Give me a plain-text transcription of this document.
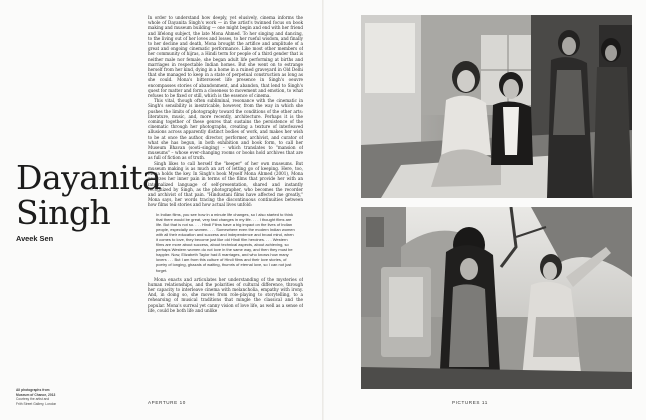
Dayanita Singh
Aveek Sen
All photographs from
Museum of Chance, 2013
Courtesy the artist and
Frith Street Gallery, London

In order to understand how deeply, yet elusively, cinema informs the whole of Dayanita Singh's work — in the artist's twinned focus on book making and museum building — one might begin and end with her friend and lifelong subject, the late Mona Ahmed. To her singing and dancing, to the living out of her loves and losses, to her rueful wisdom, and finally to her decline and death, Mona brought the artifice and amplitude of a great and ongoing cinematic performance. Like most other members of her community of hijras, a Hindi term for people of a third gender that is neither male nor female, she began adult life performing at births and marriages in respectable Indian homes. But she went on to estrange herself from her kind, dying in a home in a ruined graveyard in Old Delhi that she managed to keep in a state of perpetual construction as long as she could. Mona's bittersweet life presence in Singh's oeuvre encompasses stories of abandonment, and abandon, that lend to Singh's quest for matter and form a closeness to movement and emotion, to what refuses to be fixed or still, which is the essence of cinema.

This vital, though often subliminal, resonance with the cinematic in Singh's sensibility is inextricable, however, from the way in which she pushes the limits of photography toward the conditions of the other arts: literature, music, and, more recently, architecture. Perhaps it is the coming together of these genres that sustains the persistence of the cinematic through her photographs, creating a texture of interleaved allusions across apparently distinct bodies of work, and makes her wish to be at once the author, director, performer, archivist, and curator of what she has begun, in both exhibition and book form, to call her Museum Bhavan (sooti–singing) – which translates to "mansion of museums" – whose ever-changing rooms or books hold archives that are as full of fiction as of truth.

Singh likes to call herself the "keeper" of her own museums. But museum making is as much an art of letting go of keeping. Here, too, Mona holds the key. In Singh's book Myself Mona Ahmed (2001), Mona analyzes her inner pain in terms of the films that provide her with an internalized language of self-presentation, shared and instantly recognized by Singh, as the photographer, who becomes the recorder and archivist of that pain. "Hindustani films have affected me greatly," Mona says, her words tracing the discontinuous continuities between how films tell stories and how actual lives unfold:

In Indian films, you see how in a minute life changes, so I also started to think that there would be great, very fast changes in my life. . . . I thought films are life. But that is not so. . . . Hindi Films have a big impact on the lives of Indian people, especially on women. . . . Somewhere even the modern Indian women with all their education and success and independence and broad mind, when it comes to love, they become just like old Hindi film heroines. . . . Western films are more about success, about technical aspects, about achieving, so perhaps Western women do not love in the same way, and then they must be happier. Now, Elizabeth Taylor had 8 marriages, and who knows how many lovers . . . But I am from this culture of Hindi films and their love stories, of poetry of longing, ghazals of waiting, thumris of eternal love, so I can not just forget.

Mona enacts and articulates her understanding of the mysteries of human relationships, and the polarities of cultural difference, through her capacity to interleave cinema with melancholia, empathy with irony. And, in doing so, she moves from role-playing to storytelling, to a rehearsing of musical traditions that mingle the classical and the popular. Mona's surreal yet canny vision of love life, as well as a sense of life, could be both life and unlike

APERTURE 10	PICTURES 11
